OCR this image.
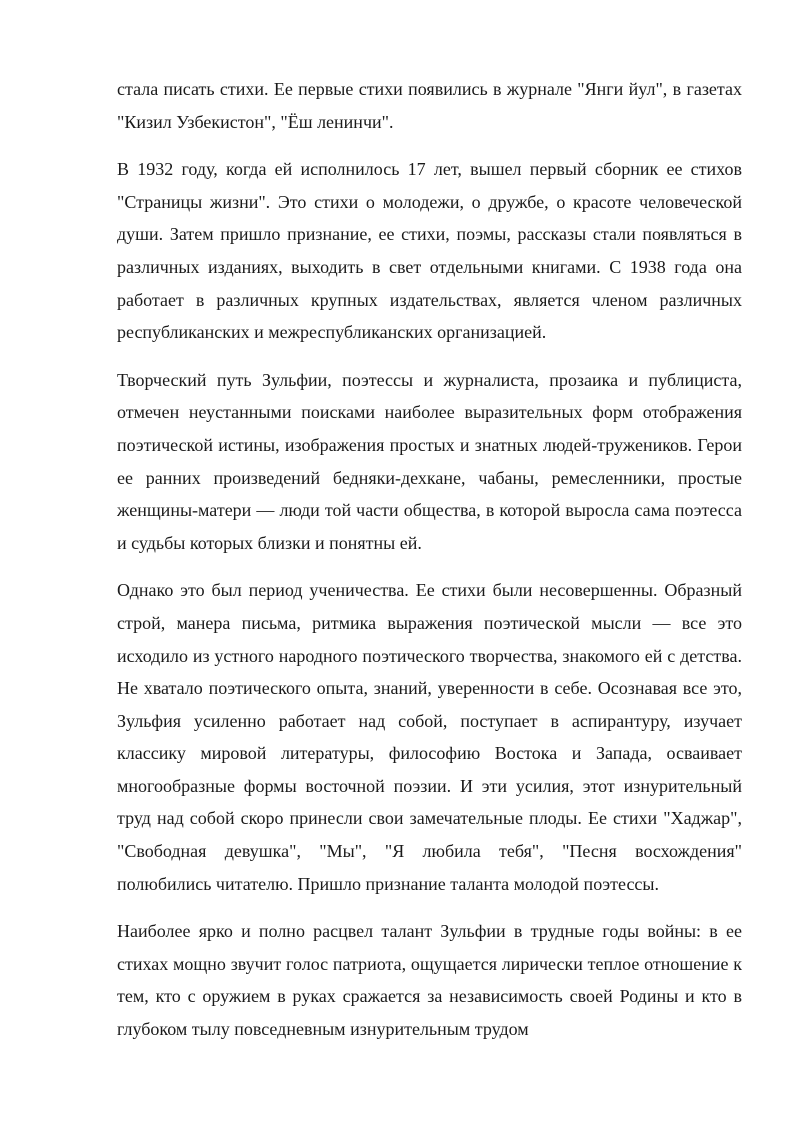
стала писать стихи. Ее первые стихи появились в журнале "Янги йул", в газетах "Кизил Узбекистон", "Ёш ленинчи".

В 1932 году, когда ей исполнилось 17 лет, вышел первый сборник ее стихов "Страницы жизни". Это стихи о молодежи, о дружбе, о красоте человеческой души. Затем пришло признание, ее стихи, поэмы, рассказы стали появляться в различных изданиях, выходить в свет отдельными книгами. С 1938 года она работает в различных крупных издательствах, является членом различных республиканских и межреспубликанских организацией.

Творческий путь Зульфии, поэтессы и журналиста, прозаика и публициста, отмечен неустанными поисками наиболее выразительных форм отображения поэтической истины, изображения простых и знатных людей-тружеников. Герои ее ранних произведений бедняки-дехкане, чабаны, ремесленники, простые женщины-матери — люди той части общества, в которой выросла сама поэтесса и судьбы которых близки и понятны ей.

Однако это был период ученичества. Ее стихи были несовершенны. Образный строй, манера письма, ритмика выражения поэтической мысли — все это исходило из устного народного поэтического творчества, знакомого ей с детства. Не хватало поэтического опыта, знаний, уверенности в себе. Осознавая все это, Зульфия усиленно работает над собой, поступает в аспирантуру, изучает классику мировой литературы, философию Востока и Запада, осваивает многообразные формы восточной поэзии. И эти усилия, этот изнурительный труд над собой скоро принесли свои замечательные плоды. Ее стихи "Хаджар", "Свободная девушка", "Мы", "Я любила тебя", "Песня восхождения" полюбились читателю. Пришло признание таланта молодой поэтессы.

Наиболее ярко и полно расцвел талант Зульфии в трудные годы войны: в ее стихах мощно звучит голос патриота, ощущается лирически теплое отношение к тем, кто с оружием в руках сражается за независимость своей Родины и кто в глубоком тылу повседневным изнурительным трудом
